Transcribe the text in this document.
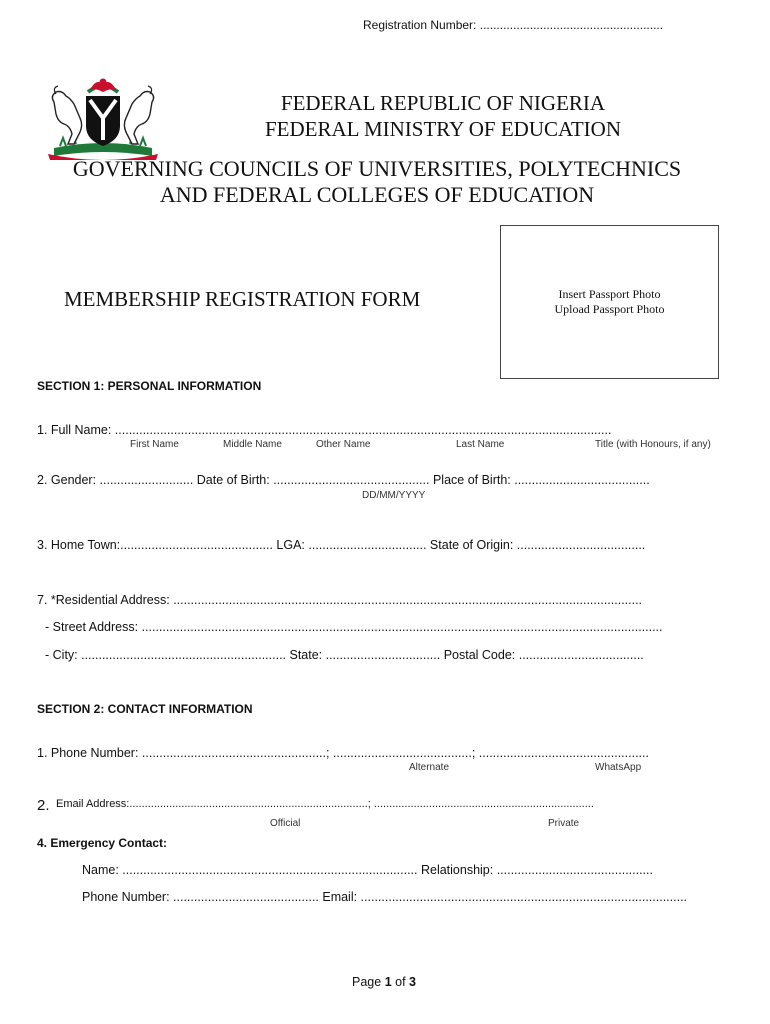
Registration Number: .......................................................
FEDERAL REPUBLIC OF NIGERIA
FEDERAL MINISTRY OF EDUCATION
GOVERNING COUNCILS OF UNIVERSITIES, POLYTECHNICS
AND FEDERAL COLLEGES OF EDUCATION
MEMBERSHIP REGISTRATION FORM	Insert Passport Photo
Upload Passport Photo
SECTION 1: PERSONAL INFORMATION
1. Full Name: ...............................................................................................................................................
First Name	Middle Name	Other Name	Last Name	Title (with Honours, if any)
2. Gender: ........................... Date of Birth: ............................................. Place of Birth: .......................................
DD/MM/YYYY
3. Home Town:............................................ LGA: .................................. State of Origin: .....................................
7. *Residential Address: .......................................................................................................................................
- Street Address: ......................................................................................................................................................
- City: ........................................................... State: ................................. Postal Code: ....................................
SECTION 2: CONTACT INFORMATION
1. Phone Number: .....................................................; ........................................; .................................................
Alternate	WhatsApp
2. Email Address:..............................................................................; ........................................................................
Official	Private
4. Emergency Contact:
Name: ..................................................................................... Relationship: .............................................
Phone Number: .......................................... Email: ..............................................................................................
Page 1 of 3
